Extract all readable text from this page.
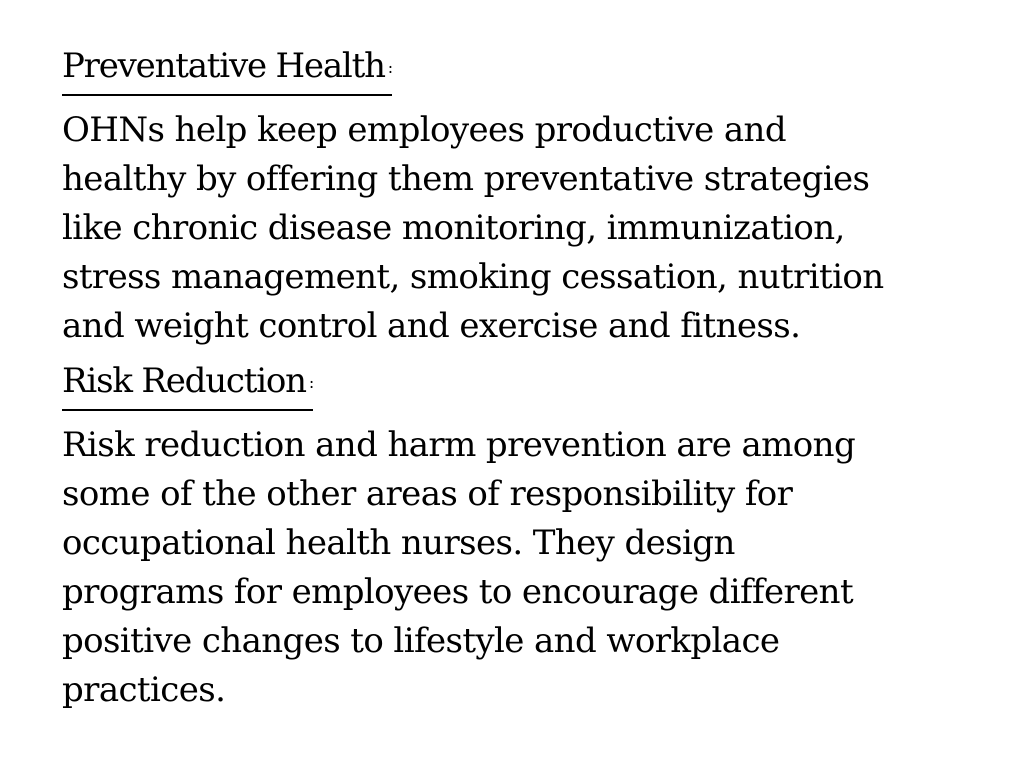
Preventative Health :
OHNs help keep employees productive and
healthy by offering them preventative strategies
like chronic disease monitoring, immunization,
stress management, smoking cessation, nutrition
and weight control and exercise and fitness.
Risk Reduction :
Risk reduction and harm prevention are among
some of the other areas of responsibility for
occupational health nurses. They design
programs for employees to encourage different
positive changes to lifestyle and workplace
practices.
